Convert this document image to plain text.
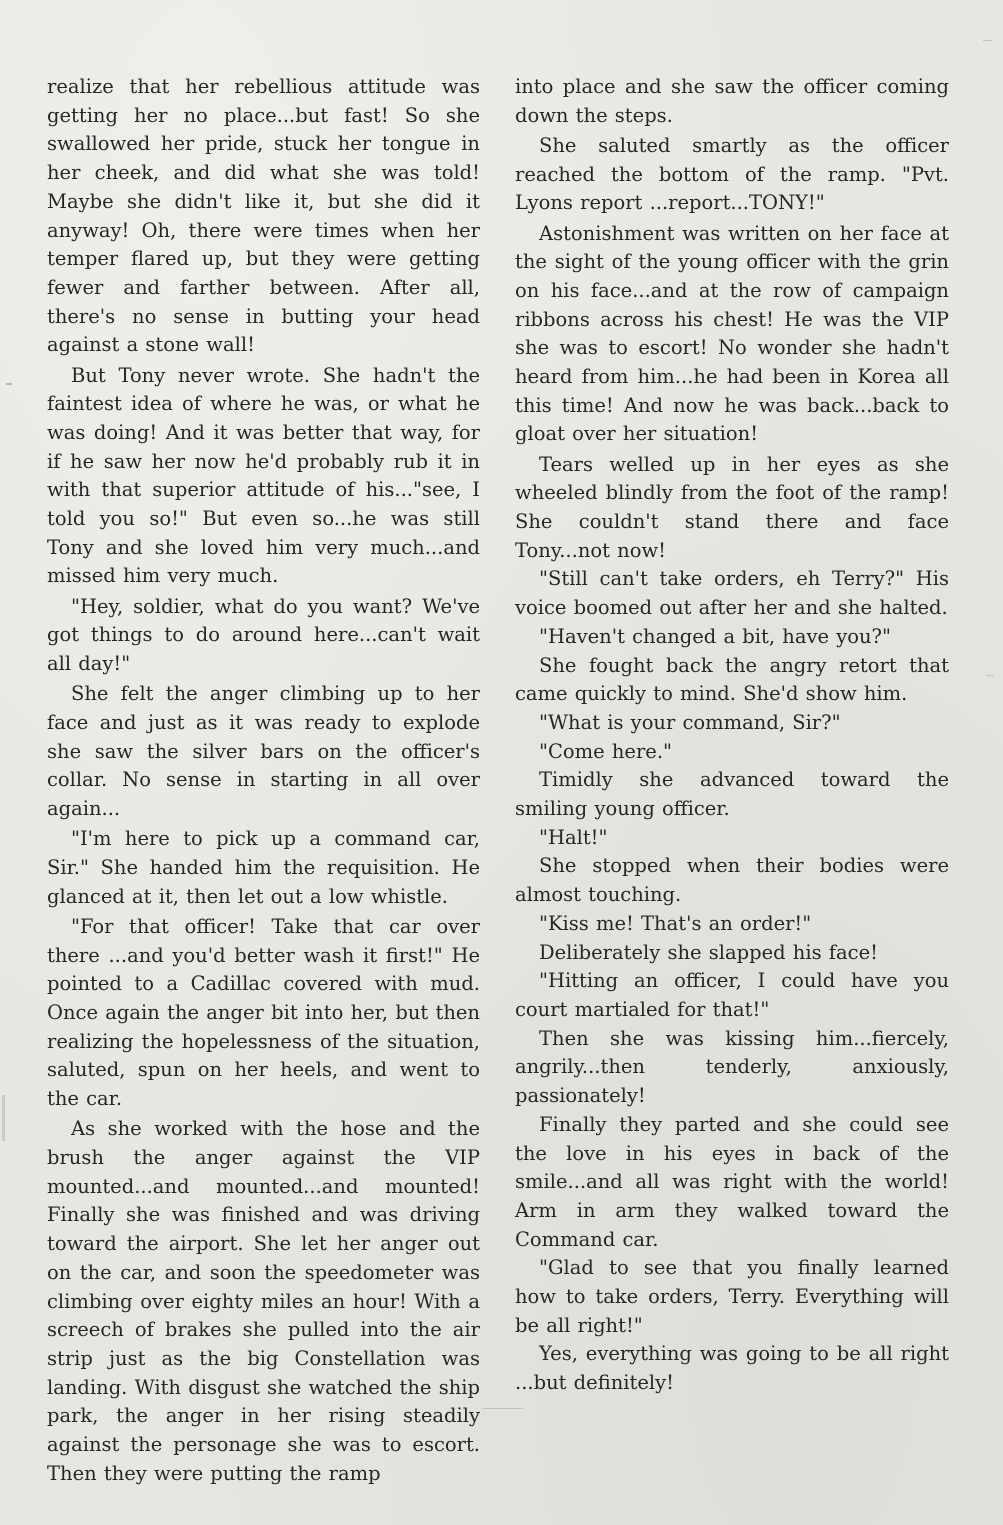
realize that her rebellious attitude was getting her no place...but fast! So she swallowed her pride, stuck her tongue in her cheek, and did what she was told! Maybe she didn't like it, but she did it anyway! Oh, there were times when her temper flared up, but they were getting fewer and farther between. After all, there's no sense in butting your head against a stone wall!

But Tony never wrote. She hadn't the faintest idea of where he was, or what he was doing! And it was better that way, for if he saw her now he'd probably rub it in with that superior attitude of his..."see, I told you so!" But even so...he was still Tony and she loved him very much...and missed him very much.

"Hey, soldier, what do you want? We've got things to do around here...can't wait all day!"

She felt the anger climbing up to her face and just as it was ready to explode she saw the silver bars on the officer's collar. No sense in starting in all over again...

"I'm here to pick up a command car, Sir." She handed him the requisition. He glanced at it, then let out a low whistle.

"For that officer! Take that car over there ...and you'd better wash it first!" He pointed to a Cadillac covered with mud. Once again the anger bit into her, but then realizing the hopelessness of the situation, saluted, spun on her heels, and went to the car.

As she worked with the hose and the brush the anger against the VIP mounted...and mounted...and mounted! Finally she was finished and was driving toward the airport. She let her anger out on the car, and soon the speedometer was climbing over eighty miles an hour! With a screech of brakes she pulled into the air strip just as the big Constellation was landing. With disgust she watched the ship park, the anger in her rising steadily against the personage she was to escort. Then they were putting the ramp

into place and she saw the officer coming down the steps.

She saluted smartly as the officer reached the bottom of the ramp. "Pvt. Lyons report ...report...TONY!"

Astonishment was written on her face at the sight of the young officer with the grin on his face...and at the row of campaign ribbons across his chest! He was the VIP she was to escort! No wonder she hadn't heard from him...he had been in Korea all this time! And now he was back...back to gloat over her situation!

Tears welled up in her eyes as she wheeled blindly from the foot of the ramp! She couldn't stand there and face Tony...not now!

"Still can't take orders, eh Terry?" His voice boomed out after her and she halted.

"Haven't changed a bit, have you?"

She fought back the angry retort that came quickly to mind. She'd show him.

"What is your command, Sir?"

"Come here."

Timidly she advanced toward the smiling young officer.

"Halt!"

She stopped when their bodies were almost touching.

"Kiss me! That's an order!"

Deliberately she slapped his face!

"Hitting an officer, I could have you court martialed for that!"

Then she was kissing him...fiercely, angrily...then tenderly, anxiously, passionately!

Finally they parted and she could see the love in his eyes in back of the smile...and all was right with the world! Arm in arm they walked toward the Command car.

"Glad to see that you finally learned how to take orders, Terry. Everything will be all right!"

Yes, everything was going to be all right ...but definitely!
